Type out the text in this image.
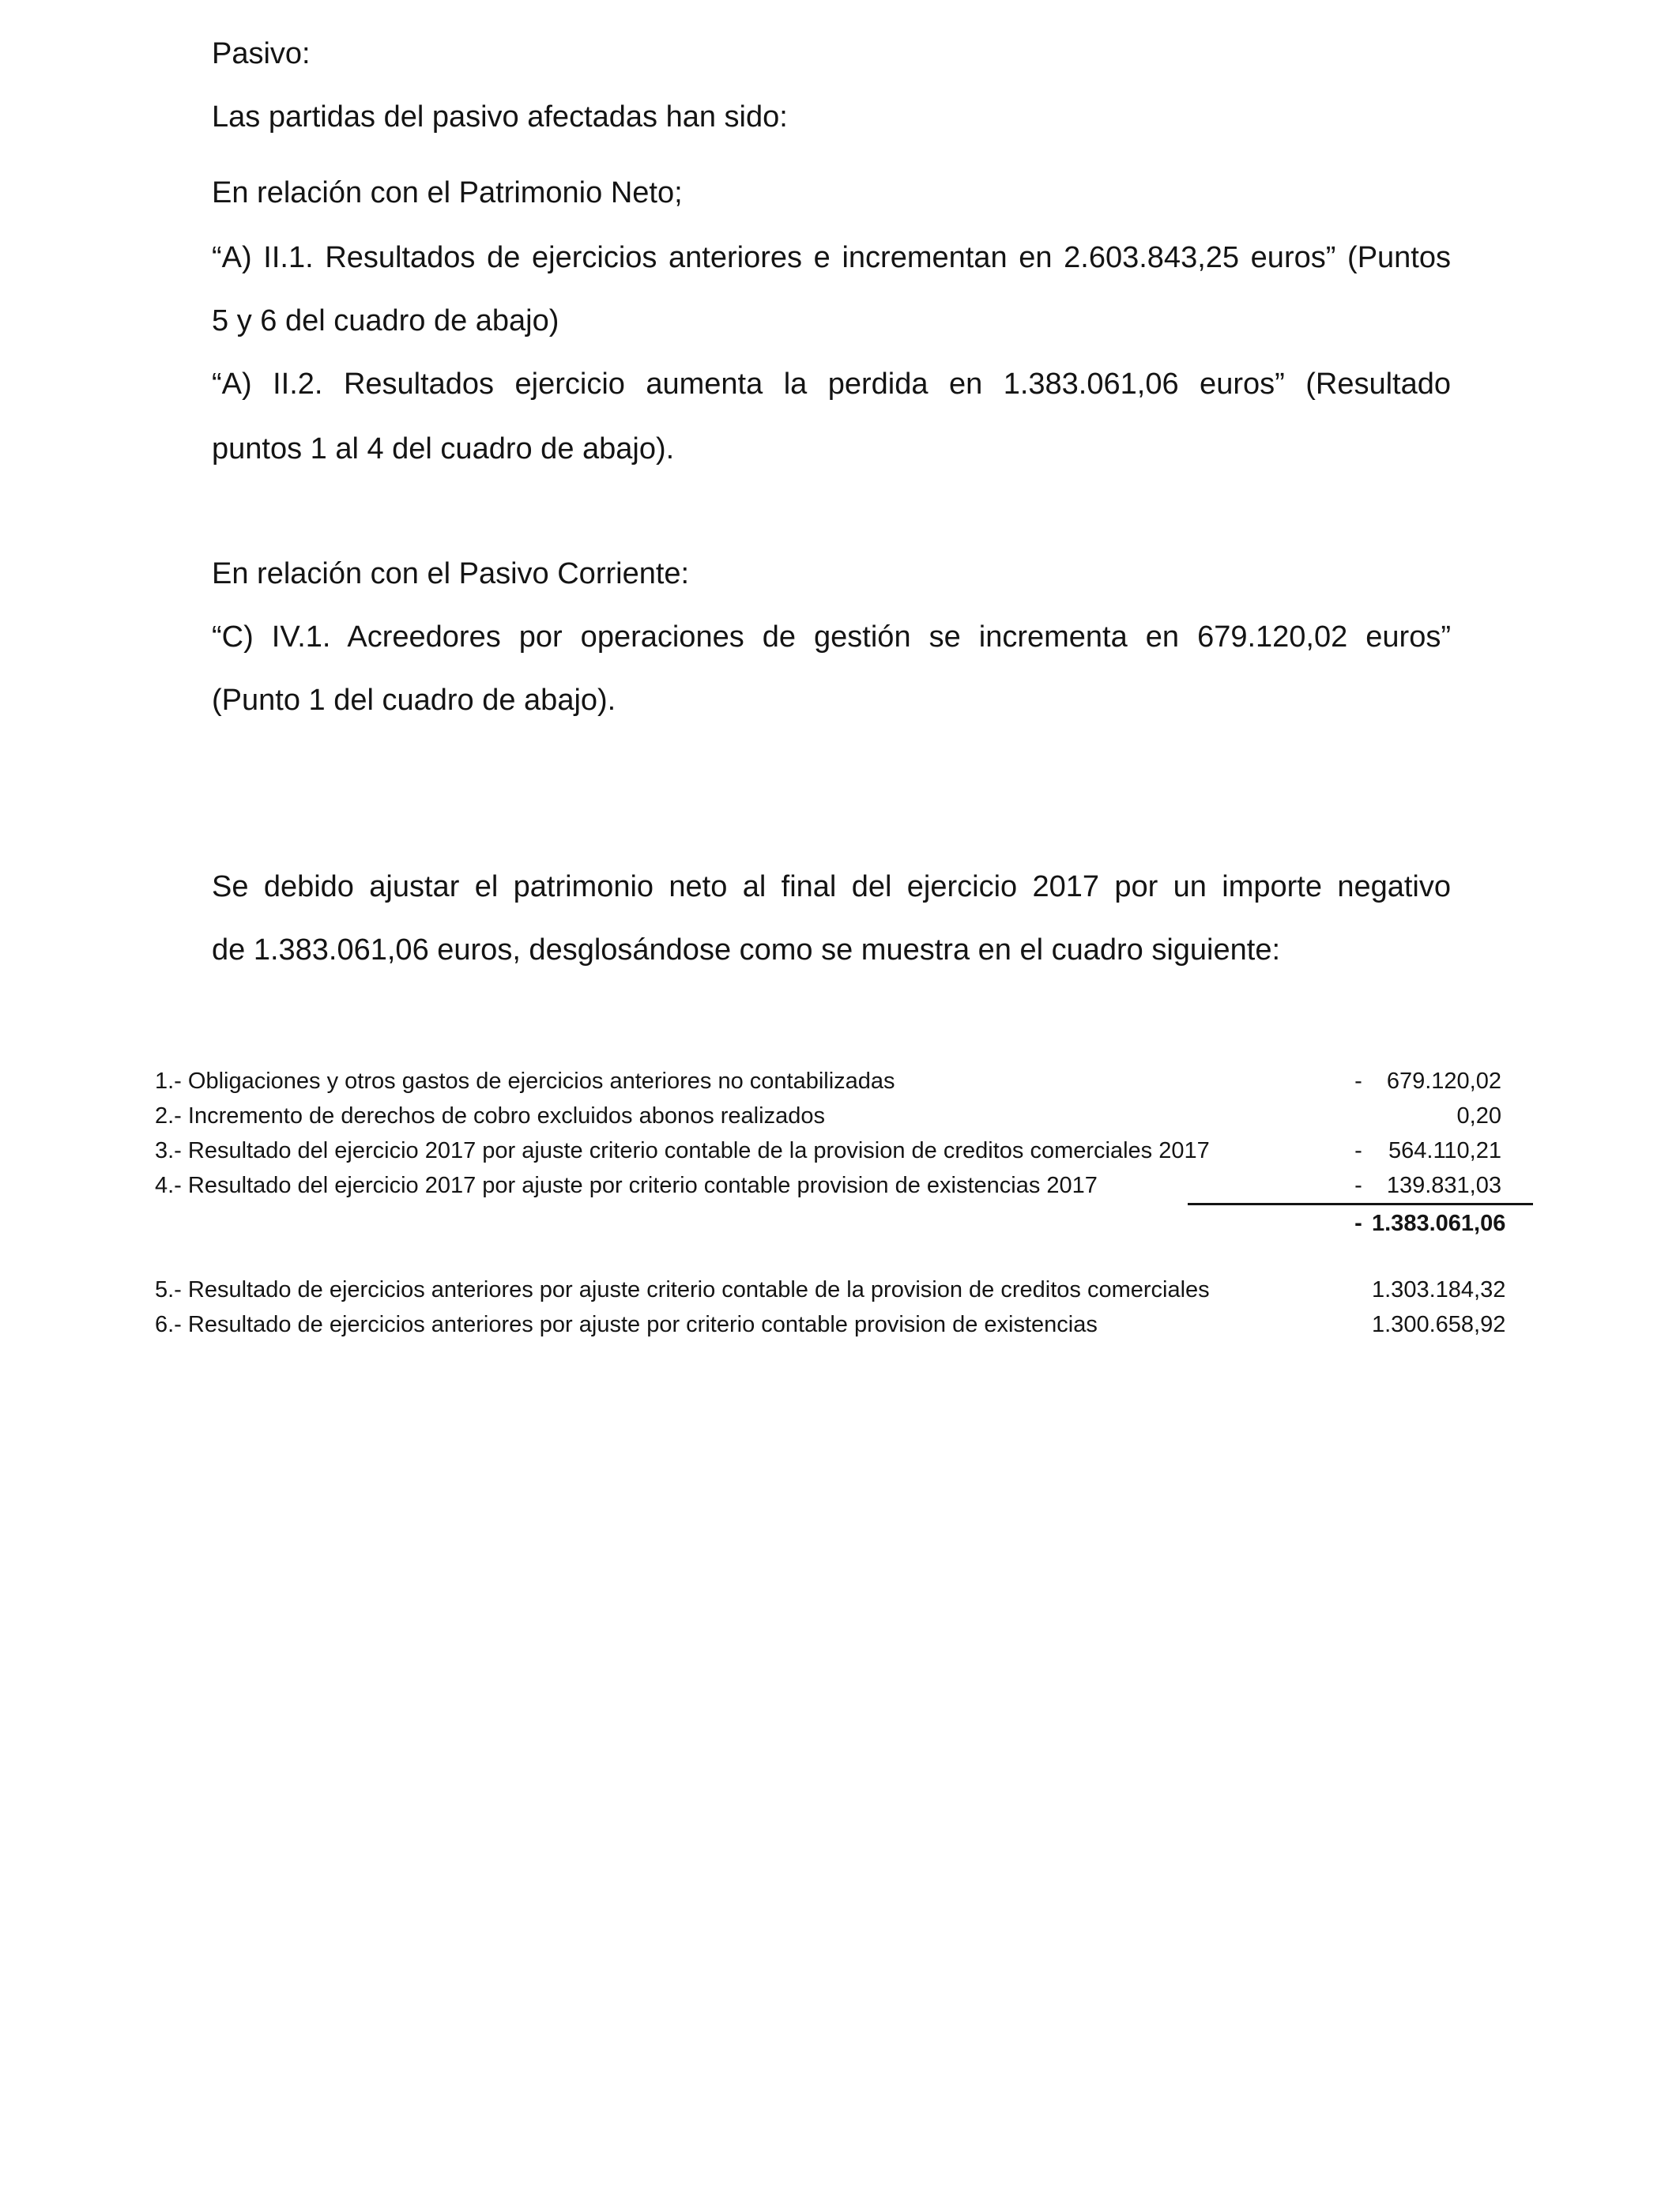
Pasivo:

Las partidas del pasivo afectadas han sido:

En relación con el Patrimonio Neto;

“A) II.1. Resultados de ejercicios anteriores e incrementan en 2.603.843,25 euros” (Puntos

5 y 6 del cuadro de abajo)

“A) II.2. Resultados ejercicio aumenta la perdida en 1.383.061,06 euros” (Resultado

puntos 1 al 4 del cuadro de abajo).

En relación con el Pasivo Corriente:

“C) IV.1. Acreedores por operaciones de gestión se incrementa en 679.120,02 euros”

(Punto 1 del cuadro de abajo).

Se debido ajustar el patrimonio neto al final del ejercicio 2017 por un importe negativo

de 1.383.061,06 euros, desglosándose como se muestra en el cuadro siguiente:

1.- Obligaciones y otros gastos de ejercicios anteriores no contabilizadas	-	679.120,02
2.- Incremento de derechos de cobro excluidos abonos realizados	0,20
3.- Resultado del ejercicio 2017 por ajuste criterio contable de la provision de creditos comerciales 2017	-	564.110,21
4.- Resultado del ejercicio 2017 por ajuste por criterio contable provision de existencias 2017	-	139.831,03
- 1.383.061,06
5.- Resultado de ejercicios anteriores por ajuste criterio contable de la provision de creditos comerciales	1.303.184,32
6.- Resultado de ejercicios anteriores por ajuste por criterio contable provision de existencias	1.300.658,92
